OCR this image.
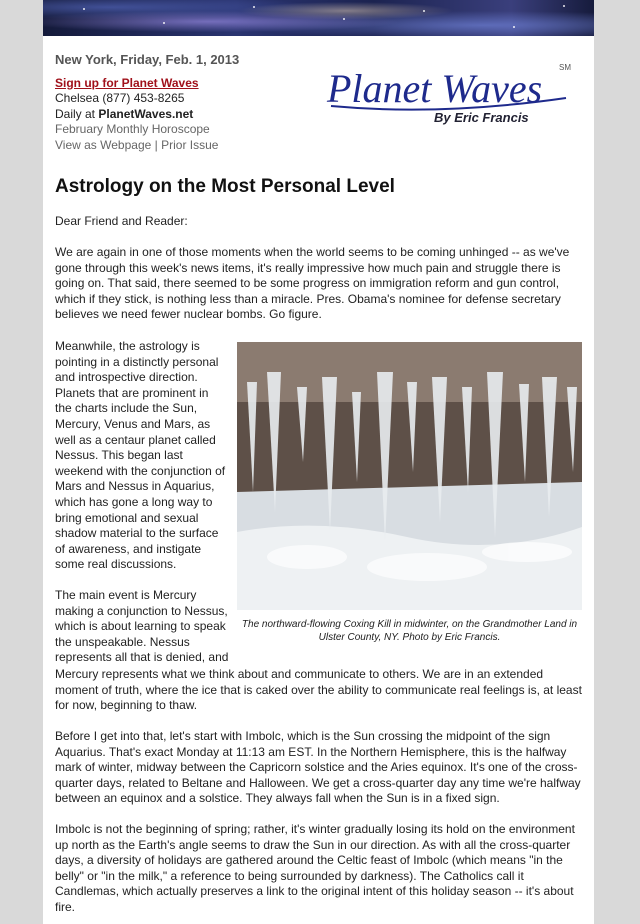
New York, Friday, Feb. 1, 2013
Sign up for Planet Waves
Chelsea (877) 453-8265
Daily at PlanetWaves.net
February Monthly Horoscope
View as Webpage | Prior Issue
Planet Waves SM
By Eric Francis
Astrology on the Most Personal Level

Dear Friend and Reader:

We are again in one of those moments when the world seems to be coming unhinged -- as we've gone through this week's news items, it's really impressive how much pain and struggle there is going on. That said, there seemed to be some progress on immigration reform and gun control, which if they stick, is nothing less than a miracle. Pres. Obama's nominee for defense secretary believes we need fewer nuclear bombs. Go figure.

Meanwhile, the astrology is pointing in a distinctly personal and introspective direction. Planets that are prominent in the charts include the Sun, Mercury, Venus and Mars, as well as a centaur planet called Nessus. This began last weekend with the conjunction of Mars and Nessus in Aquarius, which has gone a long way to bring emotional and sexual shadow material to the surface of awareness, and instigate some real discussions.

The northward-flowing Coxing Kill in midwinter, on the Grandmother Land in Ulster County, NY. Photo by Eric Francis.

The main event is Mercury making a conjunction to Nessus, which is about learning to speak the unspeakable. Nessus represents all that is denied, and

Mercury represents what we think about and communicate to others. We are in an extended moment of truth, where the ice that is caked over the ability to communicate real feelings is, at least for now, beginning to thaw.

Before I get into that, let's start with Imbolc, which is the Sun crossing the midpoint of the sign Aquarius. That's exact Monday at 11:13 am EST. In the Northern Hemisphere, this is the halfway mark of winter, midway between the Capricorn solstice and the Aries equinox. It's one of the cross-quarter days, related to Beltane and Halloween. We get a cross-quarter day any time we're halfway between an equinox and a solstice. They always fall when the Sun is in a fixed sign.

Imbolc is not the beginning of spring; rather, it's winter gradually losing its hold on the environment up north as the Earth's angle seems to draw the Sun in our direction. As with all the cross-quarter days, a diversity of holidays are gathered around the Celtic feast of Imbolc (which means "in the belly" or "in the milk," a reference to being surrounded by darkness). The Catholics call it Candlemas, which actually preserves a link to the original intent of this holiday season -- it's about fire.
